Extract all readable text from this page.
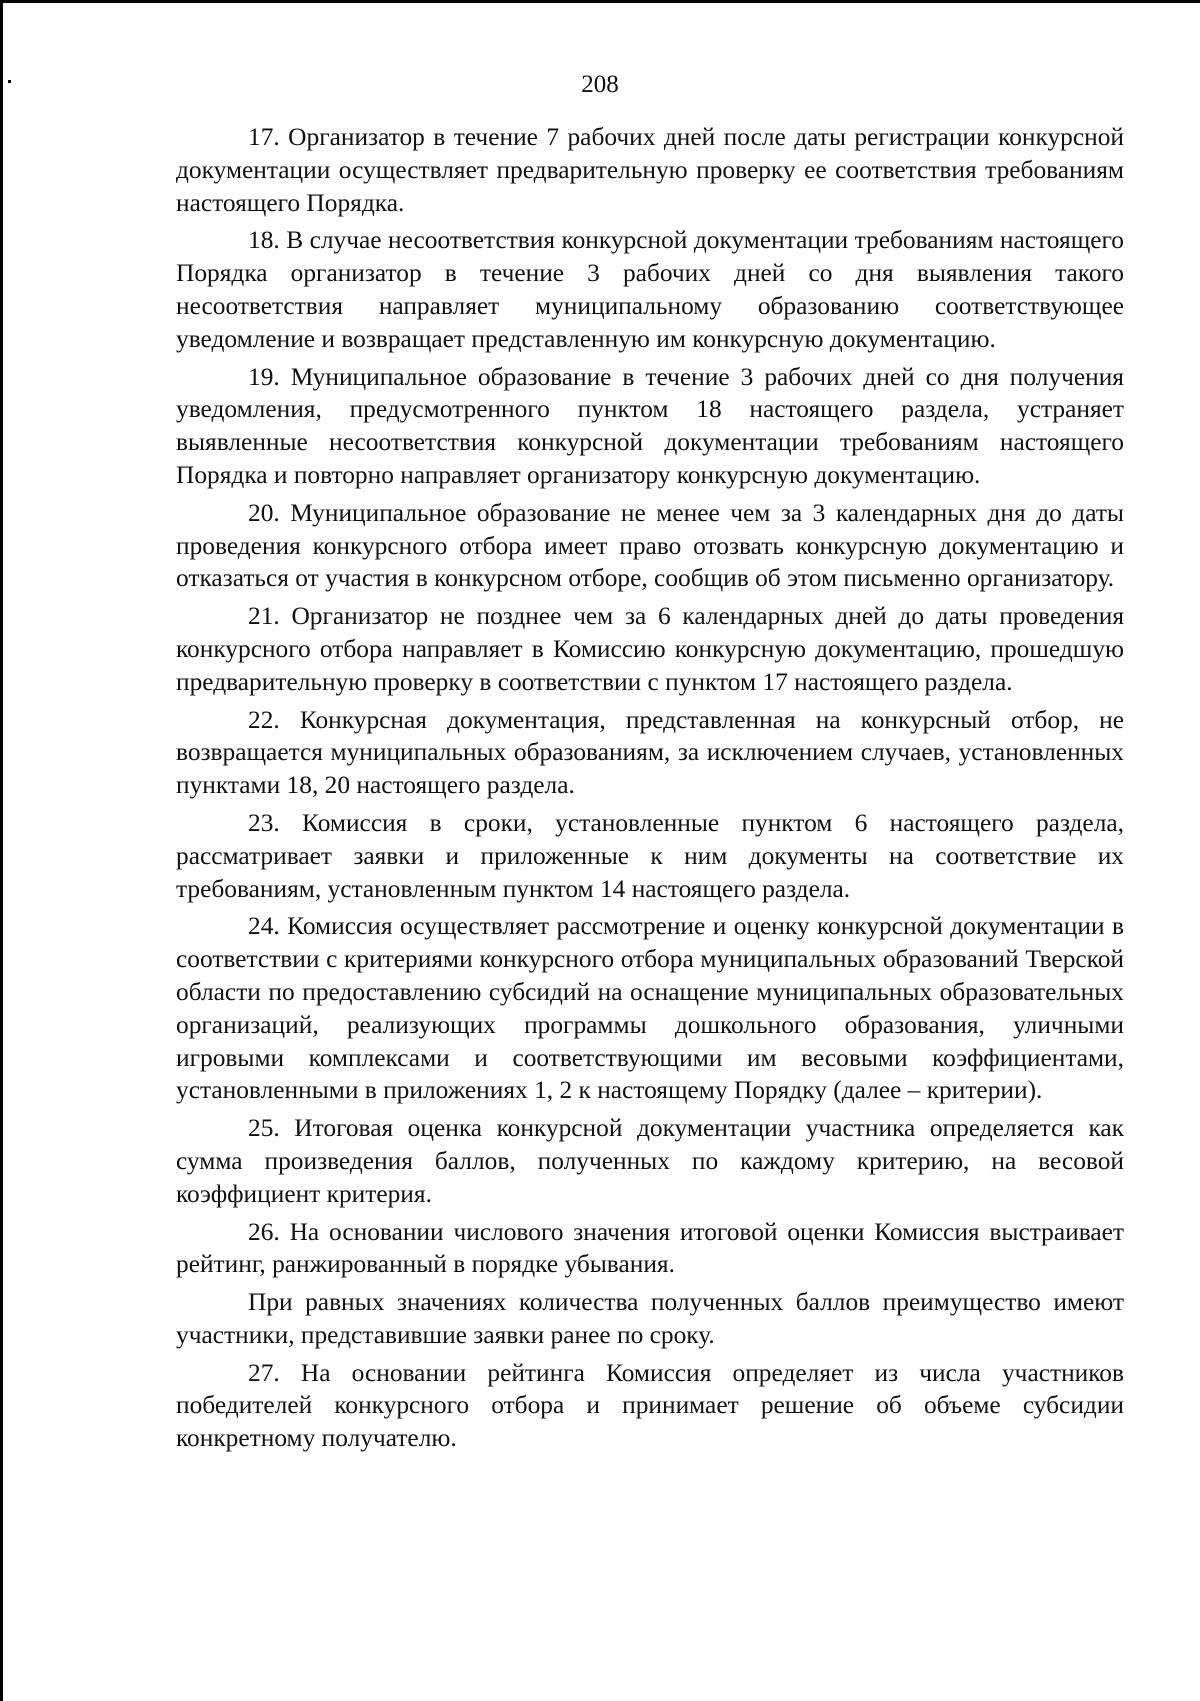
208

17. Организатор в течение 7 рабочих дней после даты регистрации конкурсной документации осуществляет предварительную проверку ее соответствия требованиям настоящего Порядка.

18. В случае несоответствия конкурсной документации требованиям настоящего Порядка организатор в течение 3 рабочих дней со дня выявления такого несоответствия направляет муниципальному образованию соответствующее уведомление и возвращает представленную им конкурсную документацию.

19. Муниципальное образование в течение 3 рабочих дней со дня получения уведомления, предусмотренного пунктом 18 настоящего раздела, устраняет выявленные несоответствия конкурсной документации требованиям настоящего Порядка и повторно направляет организатору конкурсную документацию.

20. Муниципальное образование не менее чем за 3 календарных дня до даты проведения конкурсного отбора имеет право отозвать конкурсную документацию и отказаться от участия в конкурсном отборе, сообщив об этом письменно организатору.

21. Организатор не позднее чем за 6 календарных дней до даты проведения конкурсного отбора направляет в Комиссию конкурсную документацию, прошедшую предварительную проверку в соответствии с пунктом 17 настоящего раздела.

22. Конкурсная документация, представленная на конкурсный отбор, не возвращается муниципальных образованиям, за исключением случаев, установленных пунктами 18, 20 настоящего раздела.

23. Комиссия в сроки, установленные пунктом 6 настоящего раздела, рассматривает заявки и приложенные к ним документы на соответствие их требованиям, установленным пунктом 14 настоящего раздела.

24. Комиссия осуществляет рассмотрение и оценку конкурсной документации в соответствии с критериями конкурсного отбора муниципальных образований Тверской области по предоставлению субсидий на оснащение муниципальных образовательных организаций, реализующих программы дошкольного образования, уличными игровыми комплексами и соответствующими им весовыми коэффициентами, установленными в приложениях 1, 2 к настоящему Порядку (далее – критерии).

25. Итоговая оценка конкурсной документации участника определяется как сумма произведения баллов, полученных по каждому критерию, на весовой коэффициент критерия.

26. На основании числового значения итоговой оценки Комиссия выстраивает рейтинг, ранжированный в порядке убывания.

При равных значениях количества полученных баллов преимущество имеют участники, представившие заявки ранее по сроку.

27. На основании рейтинга Комиссия определяет из числа участников победителей конкурсного отбора и принимает решение об объеме субсидии конкретному получателю.
